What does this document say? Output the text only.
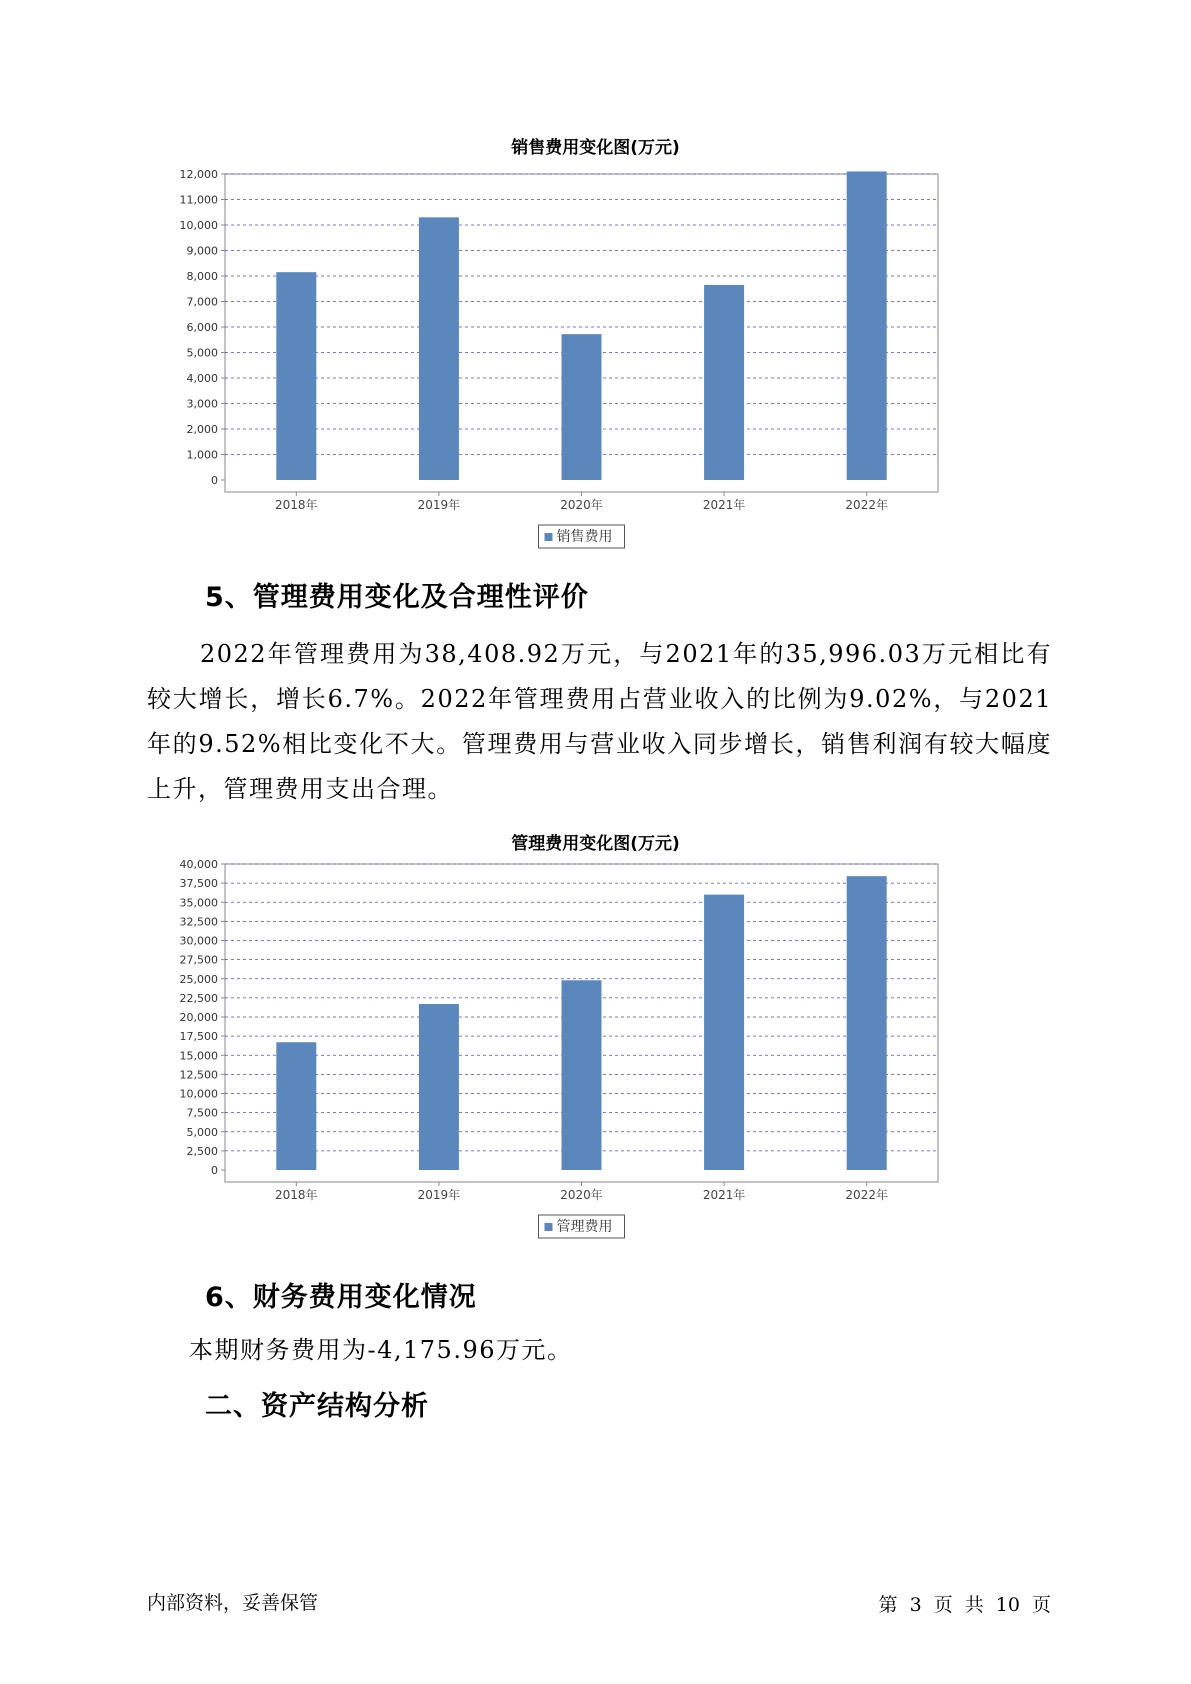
销售费用变化图(万元)
0
1,000
2,000
3,000
4,000
5,000
6,000
7,000
8,000
9,000
10,000
11,000
12,000
2018年	2019年	2020年	2021年	2022年
销售费用
5、管理费用变化及合理性评价
2022年管理费用为38,408.92万元，与2021年的35,996.03万元相比有较大增长，增长6.7%。2022年管理费用占营业收入的比例为9.02%，与2021年的9.52%相比变化不大。管理费用与营业收入同步增长，销售利润有较大幅度上升，管理费用支出合理。
管理费用变化图(万元)
0
2,500
5,000
7,500
10,000
12,500
15,000
17,500
20,000
22,500
25,000
27,500
30,000
32,500
35,000
37,500
40,000
2018年	2019年	2020年	2021年	2022年
管理费用
6、财务费用变化情况
本期财务费用为-4,175.96万元。
二、资产结构分析
内部资料，妥善保管	第 3 页 共 10 页
